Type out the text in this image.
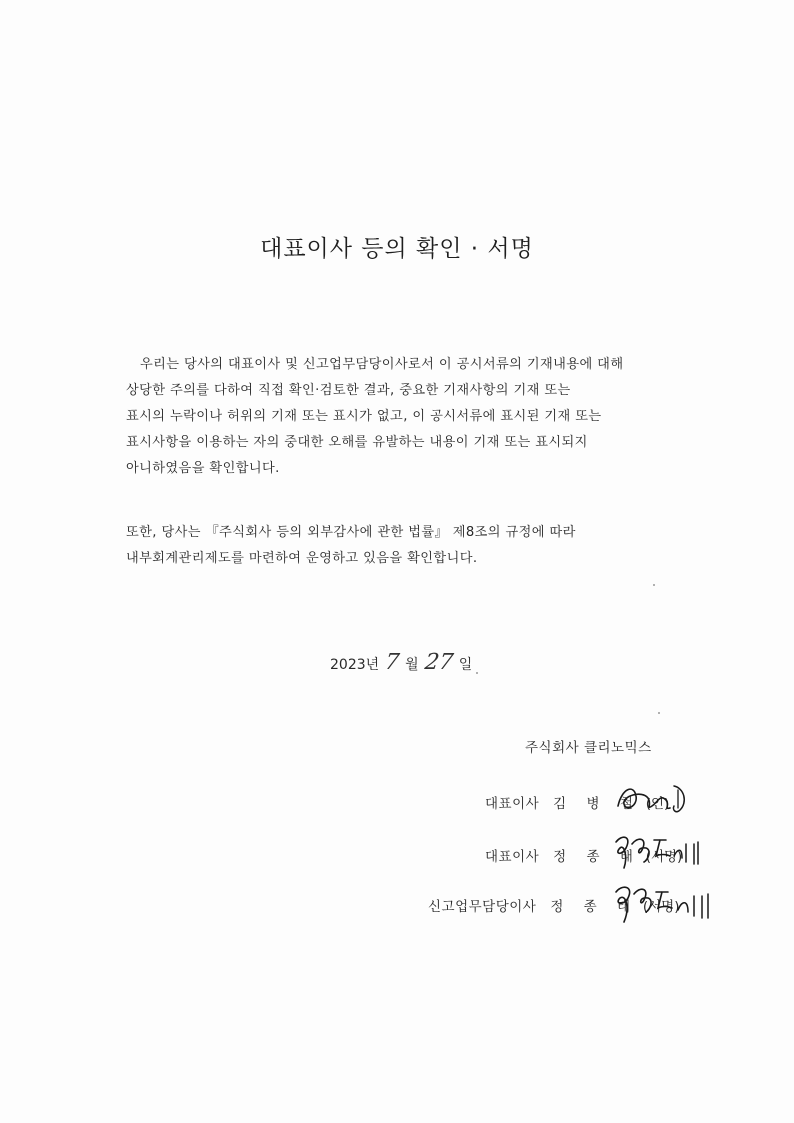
대표이사 등의 확인 · 서명
우리는 당사의 대표이사 및 신고업무담당이사로서 이 공시서류의 기재내용에 대해
상당한 주의를 다하여 직접 확인·검토한 결과, 중요한 기재사항의 기재 또는
표시의 누락이나 허위의 기재 또는 표시가 없고, 이 공시서류에 표시된 기재 또는
표시사항을 이용하는 자의 중대한 오해를 유발하는 내용이 기재 또는 표시되지
아니하였음을 확인합니다.
또한, 당사는 『주식회사 등의 외부감사에 관한 법률』 제8조의 규정에 따라
내부회계관리제도를 마련하여 운영하고 있음을 확인합니다.
2023년 7 월 27 일
주식회사 클리노믹스
대표이사 김 병 철 (인)
대표이사 정 종 태 (서명)
신고업무담당이사 정 종 태 (서명)
